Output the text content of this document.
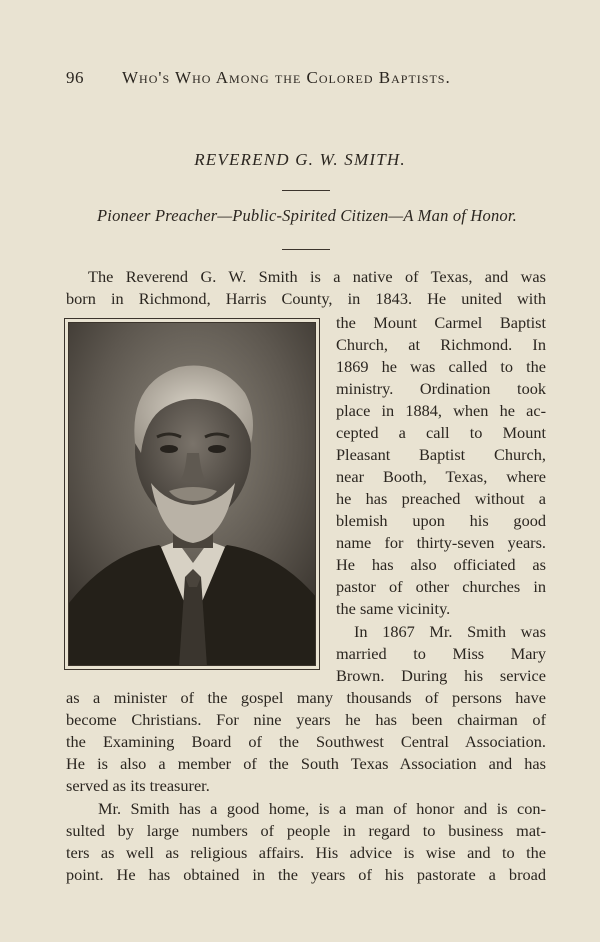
96 Who's Who Among the Colored Baptists.
REVEREND G. W. SMITH.
Pioneer Preacher—Public-Spirited Citizen—A Man of Honor.
The Reverend G. W. Smith is a native of Texas, and was
born in Richmond, Harris County, in 1843. He united with
the Mount Carmel Baptist
Church, at Richmond. In
1869 he was called to the
ministry. Ordination took
place in 1884, when he ac-
cepted a call to Mount
Pleasant Baptist Church,
near Booth, Texas, where
he has preached without a
blemish upon his good
name for thirty-seven years.
He has also officiated as
pastor of other churches in
the same vicinity.
In 1867 Mr. Smith was
married to Miss Mary
Brown. During his service
as a minister of the gospel many thousands of persons have
become Christians. For nine years he has been chairman of
the Examining Board of the Southwest Central Association.
He is also a member of the South Texas Association and has
served as its treasurer.
Mr. Smith has a good home, is a man of honor and is con-
sulted by large numbers of people in regard to business mat-
ters as well as religious affairs. His advice is wise and to the
point. He has obtained in the years of his pastorate a broad
